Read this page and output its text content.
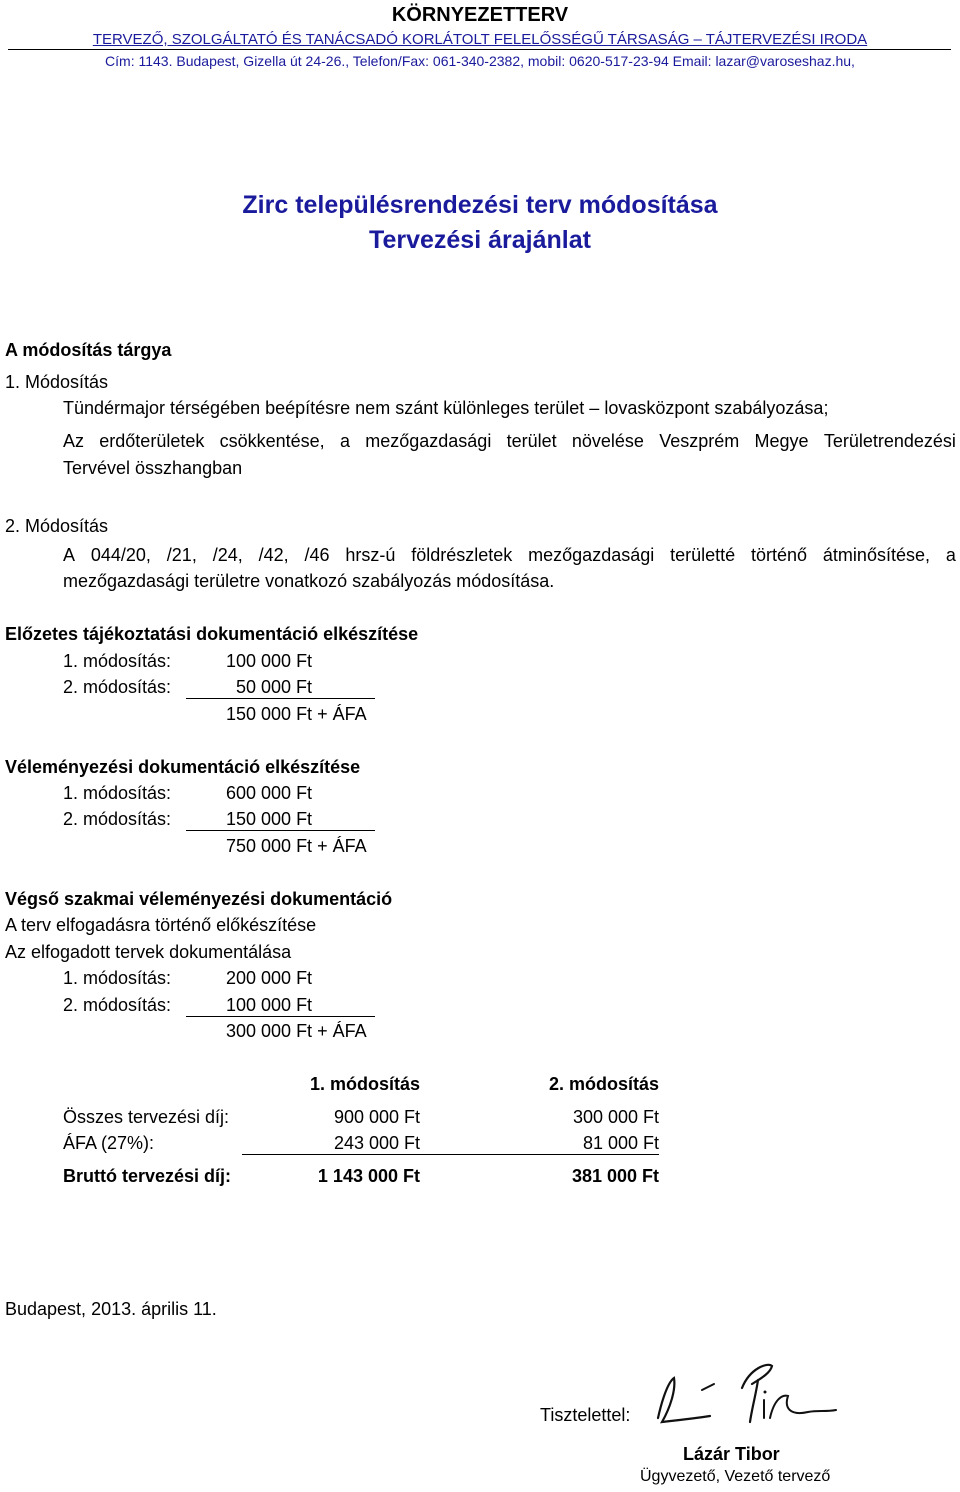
KÖRNYEZETTERV
TERVEZŐ, SZOLGÁLTATÓ ÉS TANÁCSADÓ KORLÁTOLT FELELŐSSÉGŰ TÁRSASÁG – TÁJTERVEZÉSI IRODA
Cím: 1143. Budapest, Gizella út 24-26., Telefon/Fax: 061-340-2382, mobil: 0620-517-23-94 Email: lazar@varoseshaz.hu,
Zirc településrendezési terv módosítása
Tervezési árajánlat
A módosítás tárgya
1. Módosítás
Tündérmajor térségében beépítésre nem szánt különleges terület – lovasközpont szabályozása;
Az erdőterületek csökkentése, a mezőgazdasági terület növelése Veszprém Megye Területrendezési
Tervével összhangban
2. Módosítás
A 044/20, /21, /24, /42, /46 hrsz-ú földrészletek mezőgazdasági területté történő átminősítése, a
mezőgazdasági területre vonatkozó szabályozás módosítása.
Előzetes tájékoztatási dokumentáció elkészítése
1. módosítás:	100 000 Ft
2. módosítás:	50 000 Ft
150 000 Ft + ÁFA
Véleményezési dokumentáció elkészítése
1. módosítás:	600 000 Ft
2. módosítás:	150 000 Ft
750 000 Ft + ÁFA
Végső szakmai véleményezési dokumentáció
A terv elfogadásra történő előkészítése
Az elfogadott tervek dokumentálása
1. módosítás:	200 000 Ft
2. módosítás:	100 000 Ft
300 000 Ft + ÁFA
1. módosítás	2. módosítás
Összes tervezési díj:	900 000 Ft	300 000 Ft
ÁFA (27%):	243 000 Ft	81 000 Ft
Bruttó tervezési díj:	1 143 000 Ft	381 000 Ft
Budapest, 2013. április 11.
Tisztelettel:
Lázár Tibor
Ügyvezető, Vezető tervező
